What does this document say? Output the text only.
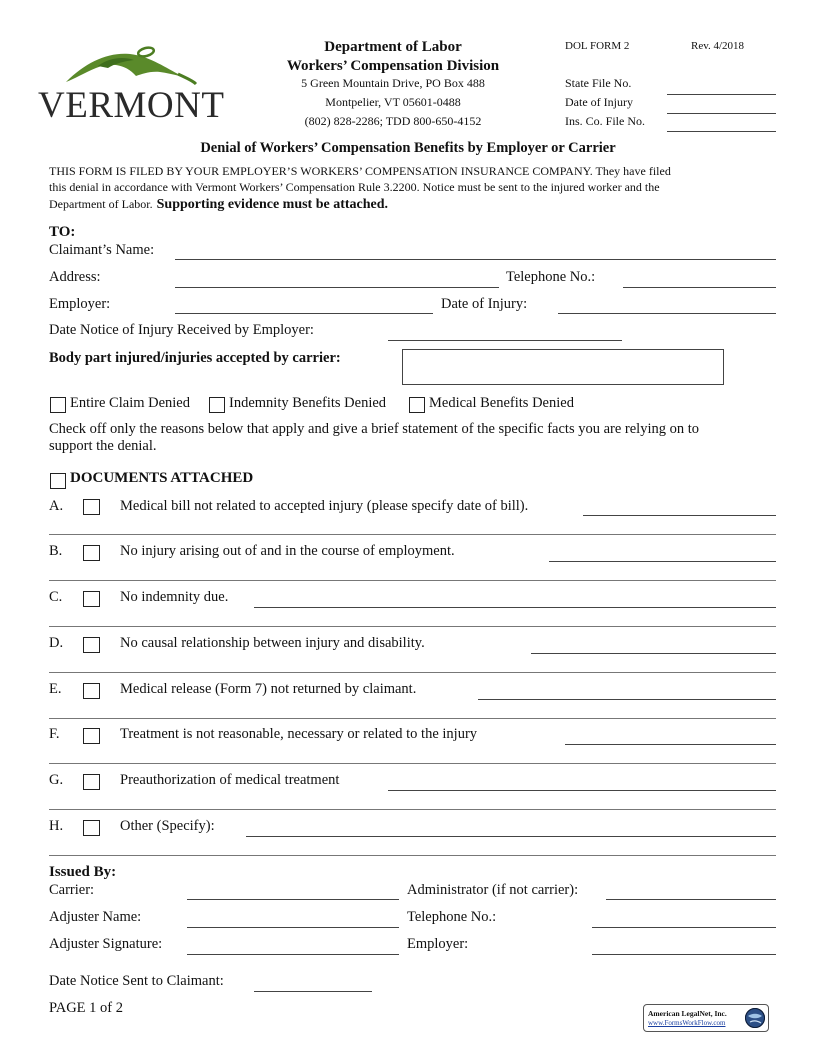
VERMONT
Department of Labor
Workers’ Compensation Division
5 Green Mountain Drive, PO Box 488
Montpelier, VT 05601-0488
(802) 828-2286; TDD 800-650-4152
DOL FORM 2	Rev. 4/2018
State File No.
Date of Injury
Ins. Co. File No.
Denial of Workers’ Compensation Benefits by Employer or Carrier
THIS FORM IS FILED BY YOUR EMPLOYER’S WORKERS’ COMPENSATION INSURANCE COMPANY. They have filed
this denial in accordance with Vermont Workers’ Compensation Rule 3.2200. Notice must be sent to the injured worker and the
Department of Labor. Supporting evidence must be attached.
TO:
Claimant’s Name:
Address:	Telephone No.:
Employer:	Date of Injury:
Date Notice of Injury Received by Employer:
Body part injured/injuries accepted by carrier:
Entire Claim Denied	Indemnity Benefits Denied	Medical Benefits Denied
Check off only the reasons below that apply and give a brief statement of the specific facts you are relying on to
support the denial.
DOCUMENTS ATTACHED
A.	Medical bill not related to accepted injury (please specify date of bill).
B.	No injury arising out of and in the course of employment.
C.	No indemnity due.
D.	No causal relationship between injury and disability.
E.	Medical release (Form 7) not returned by claimant.
F.	Treatment is not reasonable, necessary or related to the injury
G.	Preauthorization of medical treatment
H.	Other (Specify):
Issued By:
Carrier:	Administrator (if not carrier):
Adjuster Name:	Telephone No.:
Adjuster Signature:	Employer:
Date Notice Sent to Claimant:
PAGE 1 of 2	American LegalNet, Inc.
www.FormsWorkFlow.com
